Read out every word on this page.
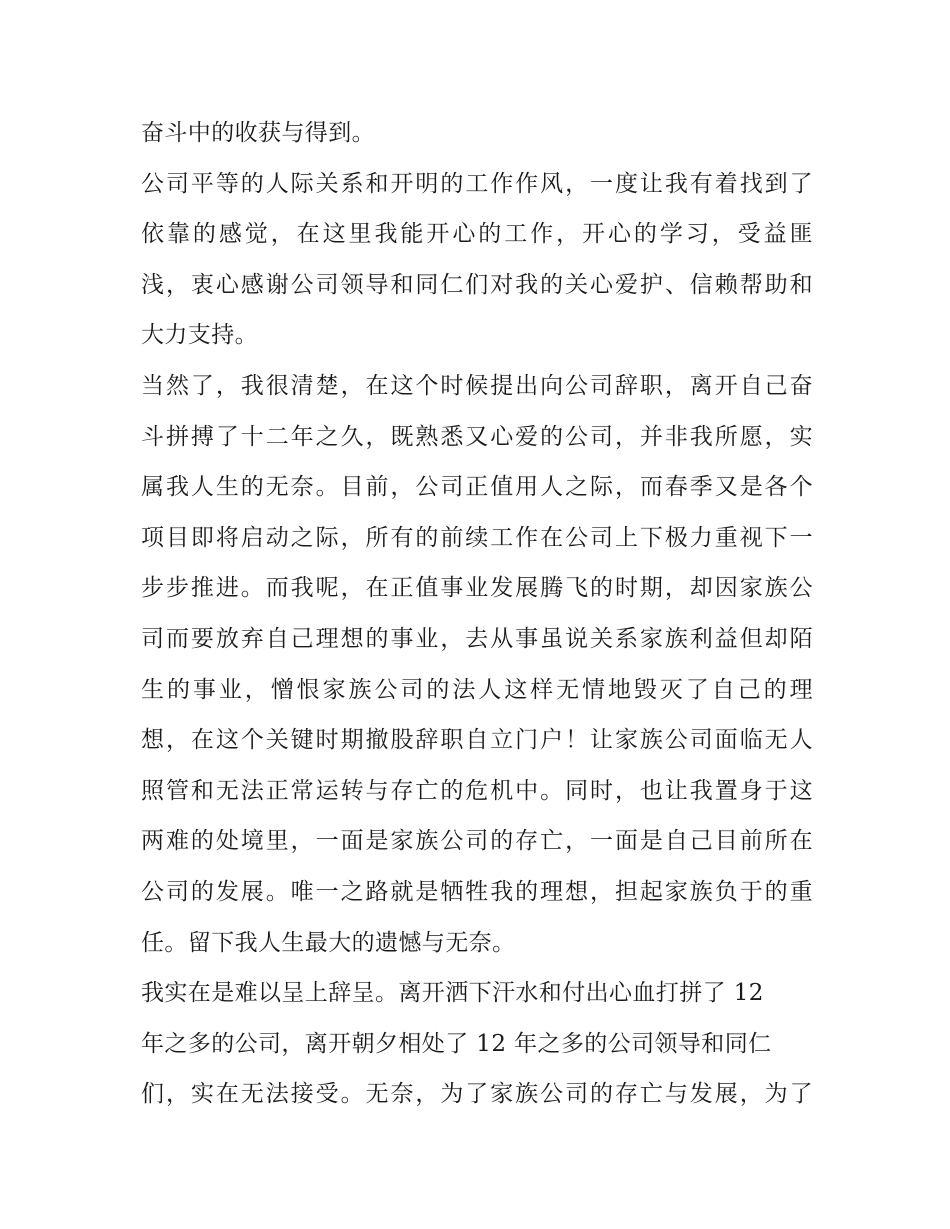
奋斗中的收获与得到。
公司平等的人际关系和开明的工作作风，一度让我有着找到了
依靠的感觉，在这里我能开心的工作，开心的学习，受益匪
浅，衷心感谢公司领导和同仁们对我的关心爱护、信赖帮助和
大力支持。
当然了，我很清楚，在这个时候提出向公司辞职，离开自己奋
斗拼搏了十二年之久，既熟悉又心爱的公司，并非我所愿，实
属我人生的无奈。目前，公司正值用人之际，而春季又是各个
项目即将启动之际，所有的前续工作在公司上下极力重视下一
步步推进。而我呢，在正值事业发展腾飞的时期，却因家族公
司而要放弃自己理想的事业，去从事虽说关系家族利益但却陌
生的事业，憎恨家族公司的法人这样无情地毁灭了自己的理
想，在这个关键时期撤股辞职自立门户！让家族公司面临无人
照管和无法正常运转与存亡的危机中。同时，也让我置身于这
两难的处境里，一面是家族公司的存亡，一面是自己目前所在
公司的发展。唯一之路就是牺牲我的理想，担起家族负于的重
任。留下我人生最大的遗憾与无奈。
我实在是难以呈上辞呈。离开洒下汗水和付出心血打拼了 12
年之多的公司，离开朝夕相处了 12 年之多的公司领导和同仁
们，实在无法接受。无奈，为了家族公司的存亡与发展，为了
